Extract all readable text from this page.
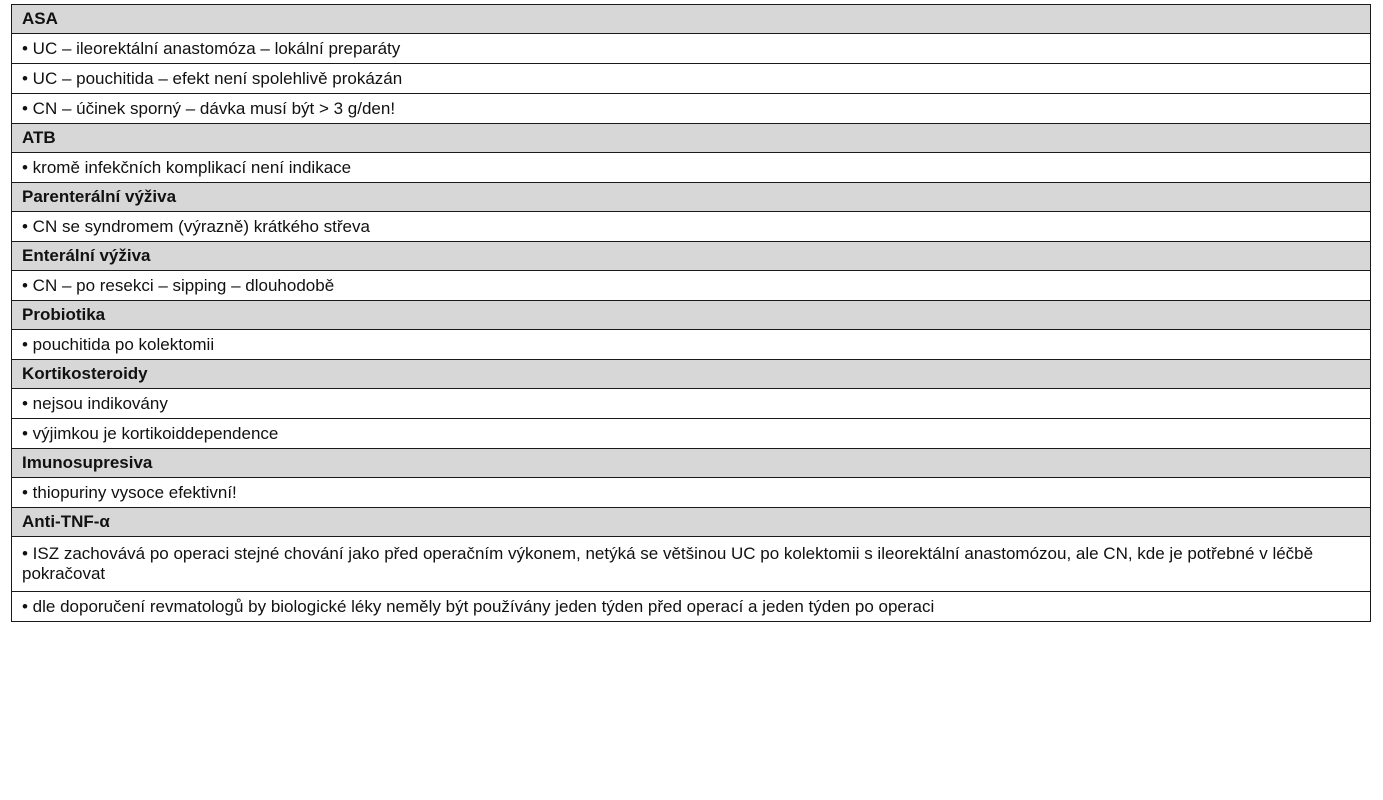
ASA
• UC – ileorektální anastomóza – lokální preparáty
• UC – pouchitida – efekt není spolehlivě prokázán
• CN – účinek sporný – dávka musí být > 3 g/den!
ATB
• kromě infekčních komplikací není indikace
Parenterální výživa
• CN se syndromem (výrazně) krátkého střeva
Enterální výživa
• CN – po resekci – sipping – dlouhodobě
Probiotika
• pouchitida po kolektomii
Kortikosteroidy
• nejsou indikovány
• výjimkou je kortikoiddependence
Imunosupresiva
• thiopuriny vysoce efektivní!
Anti-TNF-α
• ISZ zachovává po operaci stejné chování jako před operačním výkonem, netýká se většinou UC po kolektomii s ileorektální anastomózou, ale CN, kde je potřebné v léčbě pokračovat
• dle doporučení revmatologů by biologické léky neměly být používány jeden týden před operací a jeden týden po operaci
